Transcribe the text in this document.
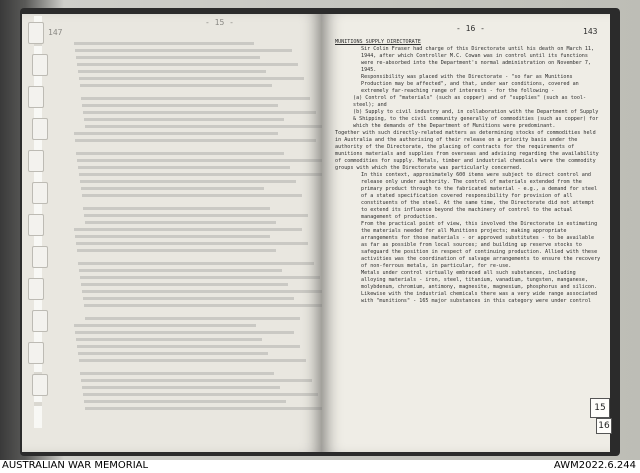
- 15 -
147	- 16 -	143

MUNITIONS SUPPLY DIRECTORATE

Sir Colin Fraser had charge of this Directorate until his death on March 11, 1944, after which Controller M.C. Cowan was in control until its functions were re-absorbed into the Department's normal administration on November 7, 1945.

Responsibility was placed with the Directorate - "so far as Munitions Production may be affected", and that, under war conditions, covered an extremely far-reaching range of interests - for the following -

(a) Control of "materials" (such as copper) and of "supplies" (such as tool-steel); and

(b) Supply to civil industry and, in collaboration with the Department of Supply & Shipping, to the civil community generally of commodities (such as copper) for which the demands of the Department of Munitions were predominant.

Together with such directly-related matters as determining stocks of commodities held in Australia and the authorising of their release on a priority basis under the authority of the Directorate, the placing of contracts for the requirements of munitions materials and supplies from overseas and advising regarding the availability of commodities for supply. Metals, timber and industrial chemicals were the commodity groups with which the Directorate was particularly concerned.

In this context, approximately 600 items were subject to direct control and release only under authority. The control of materials extended from the primary product through to the fabricated material - e.g., a demand for steel of a stated specification covered responsibility for provision of all constituents of the steel. At the same time, the Directorate did not attempt to extend its influence beyond the machinery of control to the actual management of production.

From the practical point of view, this involved the Directorate in estimating the materials needed for all Munitions projects; making appropriate arrangements for those materials - or approved substitutes - to be available as far as possible from local sources; and building up reserve stocks to safeguard the position in respect of continuing production. Allied with these activities was the coordination of salvage arrangements to ensure the recovery of non-ferrous metals, in particular, for re-use.

Metals under control virtually embraced all such substances, including alloying materials - iron, steel, titanium, vanadium, tungsten, manganese, molybdenum, chromium, antimony, magnesite, magnesium, phosphorus and silicon.

Likewise with the industrial chemicals there was a very wide range associated with "munitions" - 165 major substances in this category were under control

15
16
AUSTRALIAN WAR MEMORIAL	AWM2022.6.244
